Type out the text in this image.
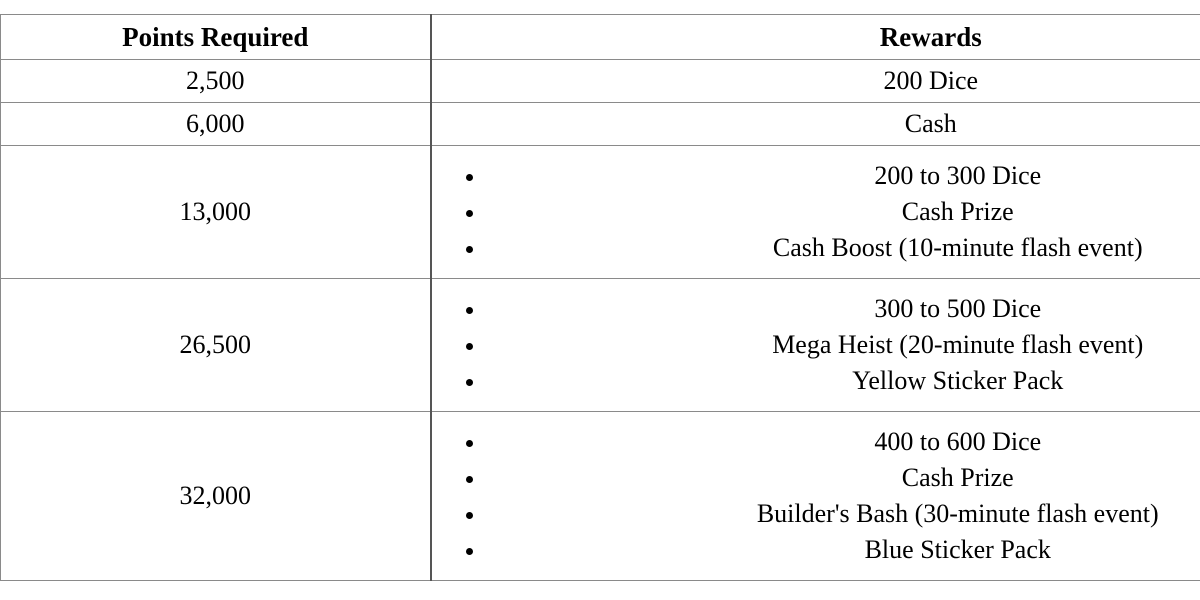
Points Required	Rewards
2,500	200 Dice
6,000	Cash
13,000	
• 200 to 300 Dice
• Cash Prize
• Cash Boost (10-minute flash event)

26,500	
• 300 to 500 Dice
• Mega Heist (20-minute flash event)
• Yellow Sticker Pack

32,000	
• 400 to 600 Dice
• Cash Prize
• Builder's Bash (30-minute flash event)
• Blue Sticker Pack
